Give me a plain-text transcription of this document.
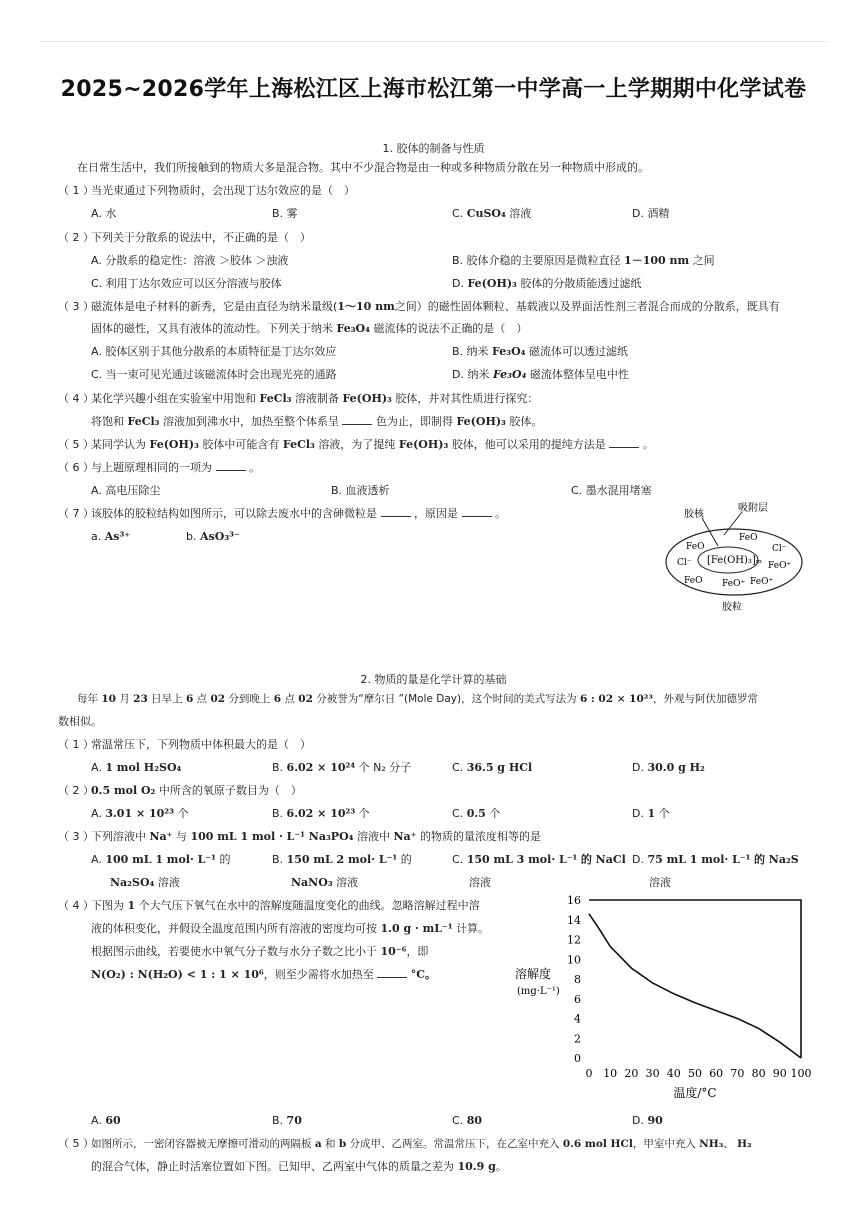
2025~2026学年上海松江区上海市松江第一中学高一上学期期中化学试卷
1. 胶体的制备与性质
在日常生活中，我们所接触到的物质大多是混合物。其中不少混合物是由一种或多种物质分散在另一种物质中形成的。
（ 1 ）
当光束通过下列物质时，会出现丁达尔效应的是（　）
A. 水	B. 雾	C. CuSO₄ 溶液	D. 酒精
（ 2 ）
下列关于分散系的说法中，不正确的是（　）
A. 分散系的稳定性：溶液 ＞胶体 ＞浊液	B. 胶体介稳的主要原因是微粒直径 1－100 nm 之间
C. 利用丁达尔效应可以区分溶液与胶体	D. Fe(OH)₃ 胶体的分散质能透过滤纸
（ 3 ）
磁流体是电子材料的新秀，它是由直径为纳米量级(1～10 nm之间）的磁性固体颗粒、基载液以及界面活性剂三者混合而成的分散系，既具有
固体的磁性，又具有液体的流动性。下列关于纳米 Fe₃O₄ 磁流体的说法不正确的是（　）
A. 胶体区别于其他分散系的本质特征是丁达尔效应	B. 纳米 Fe₃O₄ 磁流体可以透过滤纸
C. 当一束可见光通过该磁流体时会出现光亮的通路	D. 纳米 Fe₃O₄ 磁流体整体呈电中性
（ 4 ）
某化学兴趣小组在实验室中用饱和 FeCl₃ 溶液制备 Fe(OH)₃ 胶体，并对其性质进行探究：
将饱和 FeCl₃ 溶液加到沸水中，加热至整个体系呈	色为止，即制得 Fe(OH)₃ 胶体。
（ 5 ）
某同学认为 Fe(OH)₃ 胶体中可能含有 FeCl₃ 溶液，为了提纯 Fe(OH)₃ 胶体，他可以采用的提纯方法是	。
（ 6 ）
与上题原理相同的一项为	。
A. 高电压除尘	B. 血液透析	C. 墨水混用堵塞
（ 7 ）
该胶体的胶粒结构如图所示，可以除去废水中的含砷微粒是	，原因是	。
a. As³⁺	b. AsO₃³⁻
胶核
吸附层
[Fe(OH)₃]ₘ
胶粒
FeO
FeO
Cl⁻
Cl⁻	FeO⁺
FeO⁺ FeO⁺
FeO
2. 物质的量是化学计算的基础
每年 10 月 23 日早上 6 点 02 分到晚上 6 点 02 分被誉为“摩尔日 ”(Mole Day)，这个时间的美式写法为 6 : 02 × 10²³，外观与阿伏加德罗常
数相似。
（ 1 ）
常温常压下，下列物质中体积最大的是（　）
A. 1 mol H₂SO₄	B. 6.02 × 10²⁴ 个 N₂ 分子	C. 36.5 g HCl	D. 30.0 g H₂
（ 2 ）
0.5 mol O₂ 中所含的氧原子数目为（　）
A. 3.01 × 10²³ 个	B. 6.02 × 10²³ 个	C. 0.5 个	D. 1 个
（ 3 ）
下列溶液中 Na⁺ 与 100 mL 1 mol · L⁻¹ Na₃PO₄ 溶液中 Na⁺ 的物质的量浓度相等的是
A. 100 mL 1 mol· L⁻¹ 的
Na₂SO₄ 溶液
B. 150 mL 2 mol· L⁻¹ 的
NaNO₃ 溶液
C. 150 mL 3 mol· L⁻¹ 的 NaCl
溶液
D. 75 mL 1 mol· L⁻¹ 的 Na₂S
溶液
（ 4 ）
下图为 1 个大气压下氧气在水中的溶解度随温度变化的曲线。忽略溶解过程中溶
液的体积变化，并假设全温度范围内所有溶液的密度均可按 1.0 g · mL⁻¹ 计算。
根据图示曲线，若要使水中氧气分子数与水分子数之比小于 10⁻⁶，即
N(O₂) : N(H₂O) < 1 : 1 × 10⁶，则至少需将水加热至	°C。
0
2
4
6
8
10
12
14
16
0 10 20 30 40 50 60 70 80 90 100
溶解度
(mg·L⁻¹)
温度/°C
A. 60	B. 70	C. 80	D. 90
（ 5 ）
如图所示，一密闭容器被无摩擦可滑动的两隔板 a 和 b 分成甲、乙两室。常温常压下，在乙室中充入 0.6 mol HCl，甲室中充入 NH₃、 H₂
的混合气体，静止时活塞位置如下图。已知甲、乙两室中气体的质量之差为 10.9 g。
